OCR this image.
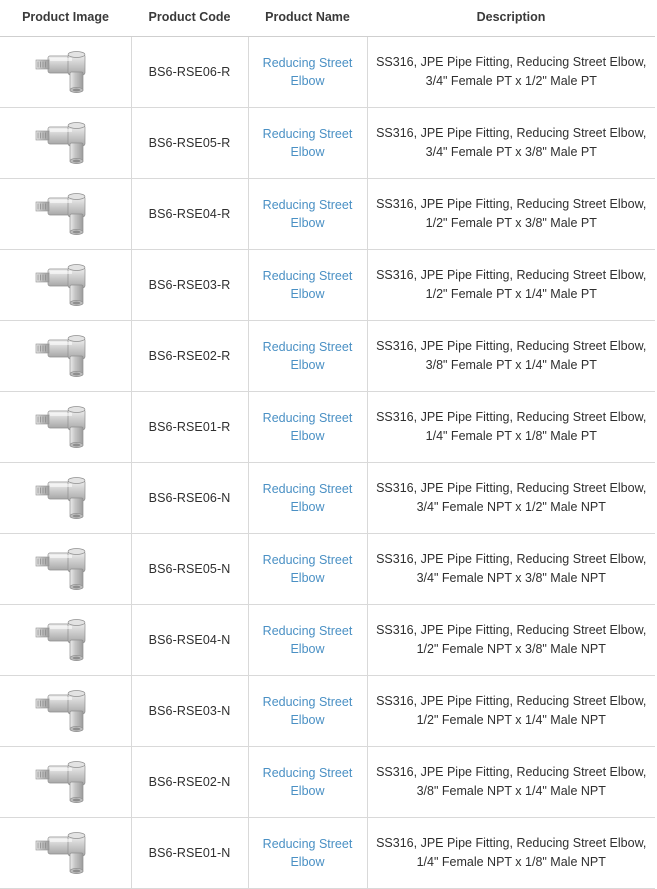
Product Image	Product Code	Product Name	Description

	BS6-RSE06-R	Reducing Street Elbow	SS316, JPE Pipe Fitting, Reducing Street Elbow, 3/4" Female PT x 1/2" Male PT

	BS6-RSE05-R	Reducing Street Elbow	SS316, JPE Pipe Fitting, Reducing Street Elbow, 3/4" Female PT x 3/8" Male PT

	BS6-RSE04-R	Reducing Street Elbow	SS316, JPE Pipe Fitting, Reducing Street Elbow, 1/2" Female PT x 3/8" Male PT

	BS6-RSE03-R	Reducing Street Elbow	SS316, JPE Pipe Fitting, Reducing Street Elbow, 1/2" Female PT x 1/4" Male PT

	BS6-RSE02-R	Reducing Street Elbow	SS316, JPE Pipe Fitting, Reducing Street Elbow, 3/8" Female PT x 1/4" Male PT

	BS6-RSE01-R	Reducing Street Elbow	SS316, JPE Pipe Fitting, Reducing Street Elbow, 1/4" Female PT x 1/8" Male PT

	BS6-RSE06-N	Reducing Street Elbow	SS316, JPE Pipe Fitting, Reducing Street Elbow, 3/4" Female NPT x 1/2" Male NPT

	BS6-RSE05-N	Reducing Street Elbow	SS316, JPE Pipe Fitting, Reducing Street Elbow, 3/4" Female NPT x 3/8" Male NPT

	BS6-RSE04-N	Reducing Street Elbow	SS316, JPE Pipe Fitting, Reducing Street Elbow, 1/2" Female NPT x 3/8" Male NPT

	BS6-RSE03-N	Reducing Street Elbow	SS316, JPE Pipe Fitting, Reducing Street Elbow, 1/2" Female NPT x 1/4" Male NPT

	BS6-RSE02-N	Reducing Street Elbow	SS316, JPE Pipe Fitting, Reducing Street Elbow, 3/8" Female NPT x 1/4" Male NPT

	BS6-RSE01-N	Reducing Street Elbow	SS316, JPE Pipe Fitting, Reducing Street Elbow, 1/4" Female NPT x 1/8" Male NPT
